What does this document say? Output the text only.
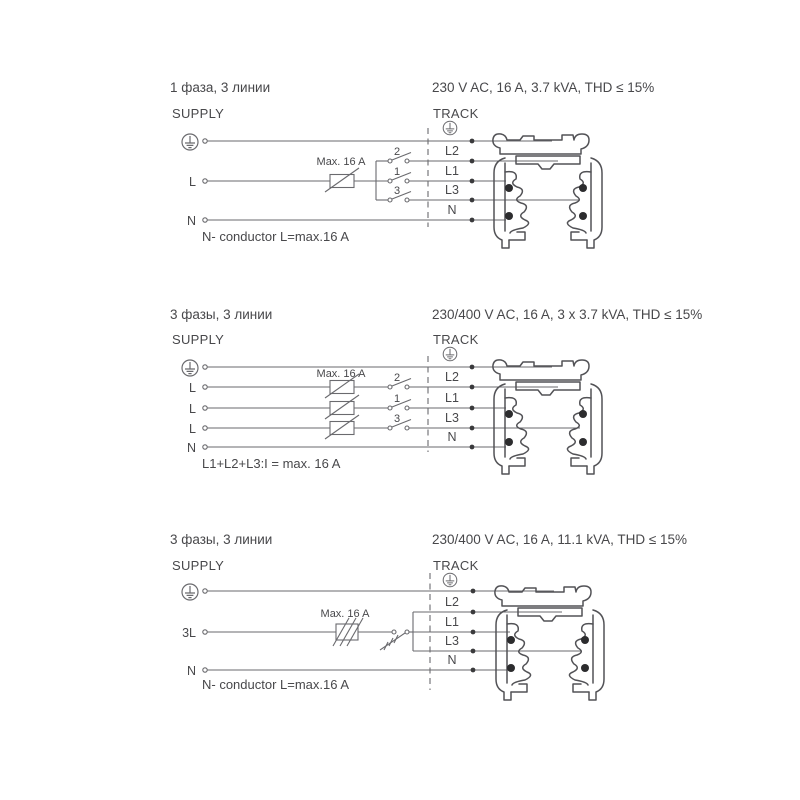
1 фаза, 3 линии	230 V AC, 16 A, 3.7 kVA, THD ≤ 15%
SUPPLY	TRACK
Max. 16 A
2
1
3
L
N
L2
L1
L3
N
N- conductor L=max.16 A
3 фазы, 3 линии	230/400 V AC, 16 A, 3 x 3.7 kVA, THD ≤ 15%
SUPPLY	TRACK
Max. 16 A	2
1
3
L
L
L
N
L2
L1
L3
N
L1+L2+L3:I = max. 16 A
3 фазы, 3 линии	230/400 V AC, 16 A, 11.1 kVA, THD ≤ 15%
SUPPLY	TRACK
Max. 16 A
3L
N
L2
L1
L3
N
N- conductor L=max.16 A
